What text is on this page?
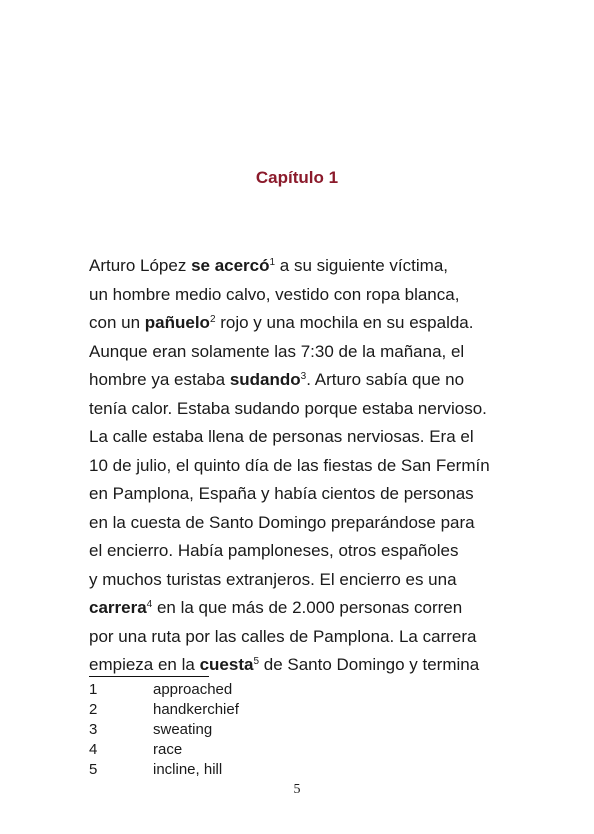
Capítulo 1

Arturo López se acercó$^1$ a su siguiente víctima,
un hombre medio calvo, vestido con ropa blanca,
con un pañuelo$^2$ rojo y una mochila en su espalda.
Aunque eran solamente las 7:30 de la mañana, el
hombre ya estaba sudando$^3$. Arturo sabía que no
tenía calor. Estaba sudando porque estaba nervioso.
La calle estaba llena de personas nerviosas. Era el
10 de julio, el quinto día de las fiestas de San Fermín
en Pamplona, España y había cientos de personas
en la cuesta de Santo Domingo preparándose para
el encierro. Había pamploneses, otros españoles
y muchos turistas extranjeros. El encierro es una
carrera$^4$ en la que más de 2.000 personas corren
por una ruta por las calles de Pamplona. La carrera
empieza en la cuesta$^5$ de Santo Domingo y termina

1	approached
2	handkerchief
3	sweating
4	race
5	incline, hill
5
